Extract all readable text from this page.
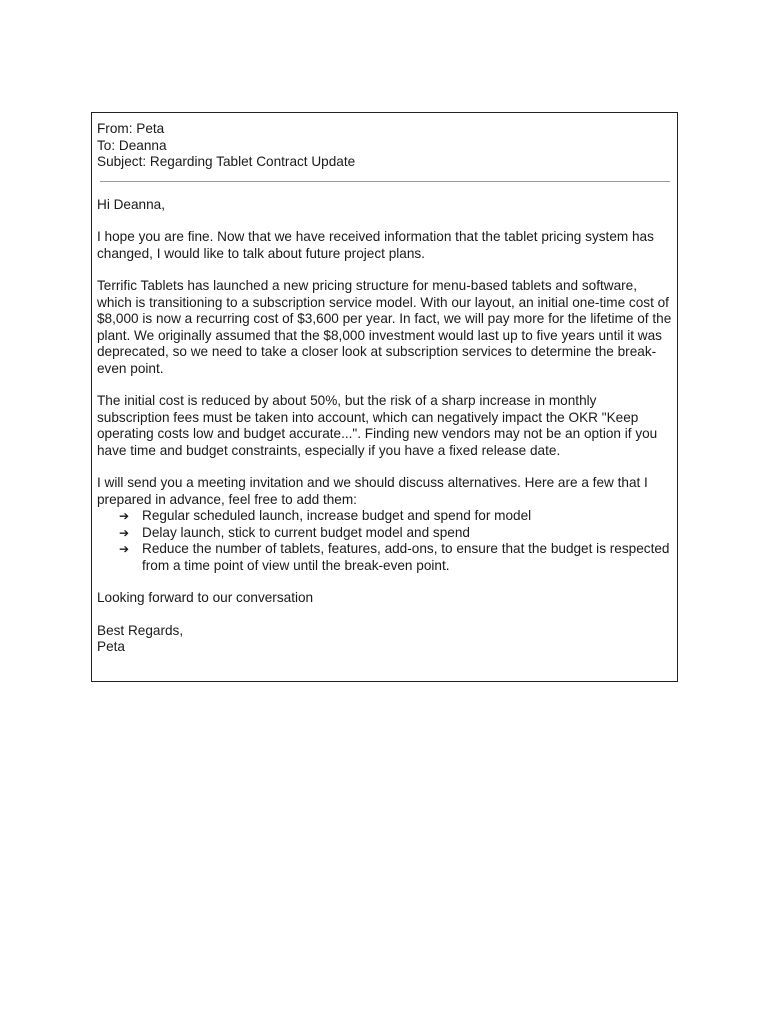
From: Peta
To: Deanna
Subject: Regarding Tablet Contract Update

Hi Deanna,

I hope you are fine. Now that we have received information that the tablet pricing system has changed, I would like to talk about future project plans.

Terrific Tablets has launched a new pricing structure for menu-based tablets and software, which is transitioning to a subscription service model. With our layout, an initial one-time cost of $8,000 is now a recurring cost of $3,600 per year. In fact, we will pay more for the lifetime of the plant. We originally assumed that the $8,000 investment would last up to five years until it was deprecated, so we need to take a closer look at subscription services to determine the break-even point.

The initial cost is reduced by about 50%, but the risk of a sharp increase in monthly subscription fees must be taken into account, which can negatively impact the OKR "Keep operating costs low and budget accurate...". Finding new vendors may not be an option if you have time and budget constraints, especially if you have a fixed release date.

I will send you a meeting invitation and we should discuss alternatives. Here are a few that I prepared in advance, feel free to add them:

➔ Regular scheduled launch, increase budget and spend for model
➔ Delay launch, stick to current budget model and spend
➔ Reduce the number of tablets, features, add-ons, to ensure that the budget is respected from a time point of view until the break-even point.

Looking forward to our conversation

Best Regards,

Peta
